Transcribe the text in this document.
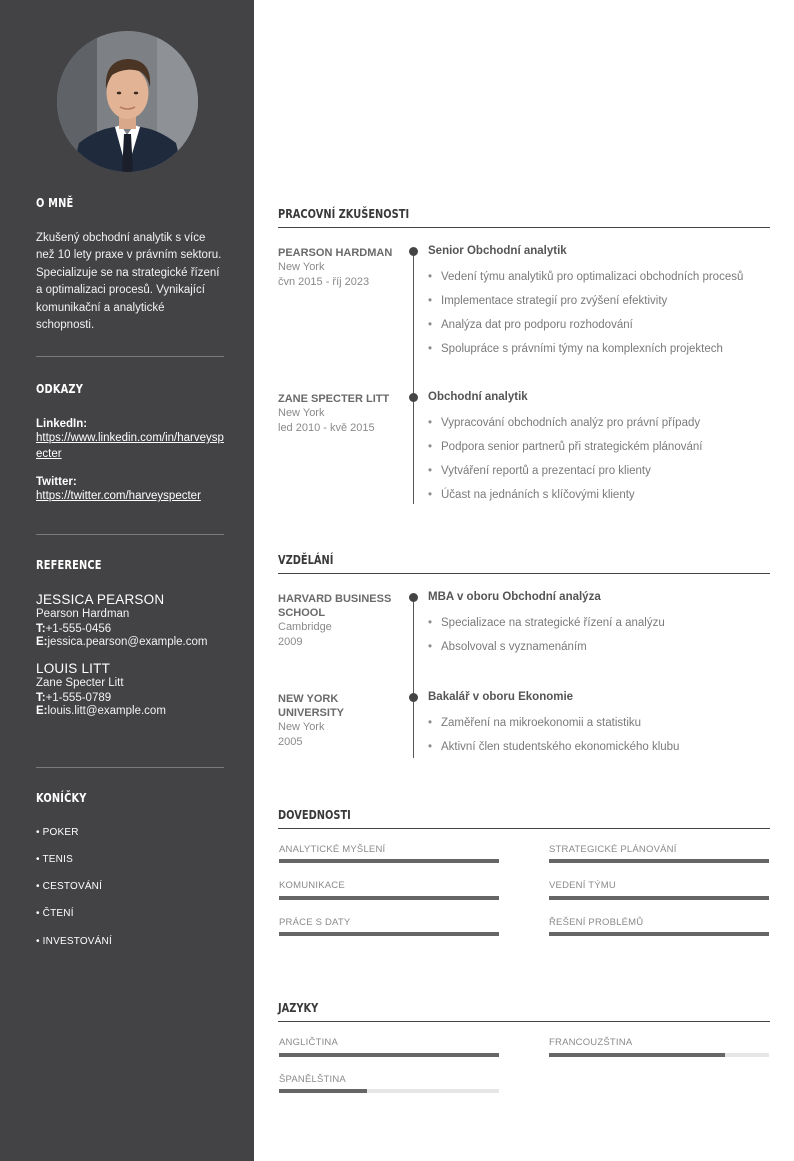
O MNĚ

Zkušený obchodní analytik s více než 10 lety praxe v právním sektoru. Specializuje se na strategické řízení a optimalizaci procesů. Vynikající komunikační a analytické schopnosti.

ODKAZY
LinkedIn:
https://www.linkedin.com/in/harveyspecter
Twitter:
https://twitter.com/harveyspecter
REFERENCE
JESSICA PEARSON
Pearson Hardman
T:+1-555-0456
E:jessica.pearson@example.com
LOUIS LITT
Zane Specter Litt
T:+1-555-0789
E:louis.litt@example.com
KONÍČKY
• POKER
• TENIS
• CESTOVÁNÍ
• ČTENÍ
• INVESTOVÁNÍ
PRACOVNÍ ZKUŠENOSTI
PEARSON HARDMAN
New York
čvn 2015 - říj 2023
Senior Obchodní analytik
• Vedení týmu analytiků pro optimalizaci obchodních procesů
• Implementace strategií pro zvýšení efektivity
• Analýza dat pro podporu rozhodování
• Spolupráce s právními týmy na komplexních projektech
ZANE SPECTER LITT
New York
led 2010 - kvě 2015
Obchodní analytik
• Vypracování obchodních analýz pro právní případy
• Podpora senior partnerů při strategickém plánování
• Vytváření reportů a prezentací pro klienty
• Účast na jednáních s klíčovými klienty
VZDĚLÁNÍ
HARVARD BUSINESS SCHOOL
Cambridge
2009
MBA v oboru Obchodní analýza
• Specializace na strategické řízení a analýzu
• Absolvoval s vyznamenáním
NEW YORK UNIVERSITY
New York
2005
Bakalář v oboru Ekonomie
• Zaměření na mikroekonomii a statistiku
• Aktivní člen studentského ekonomického klubu
DOVEDNOSTI
ANALYTICKÉ MYŠLENÍ	STRATEGICKÉ PLÁNOVÁNÍ
KOMUNIKACE	VEDENÍ TÝMU
PRÁCE S DATY	ŘEŠENÍ PROBLÉMŮ
JAZYKY
ANGLIČTINA	FRANCOUZŠTINA
ŠPANĚLŠTINA
